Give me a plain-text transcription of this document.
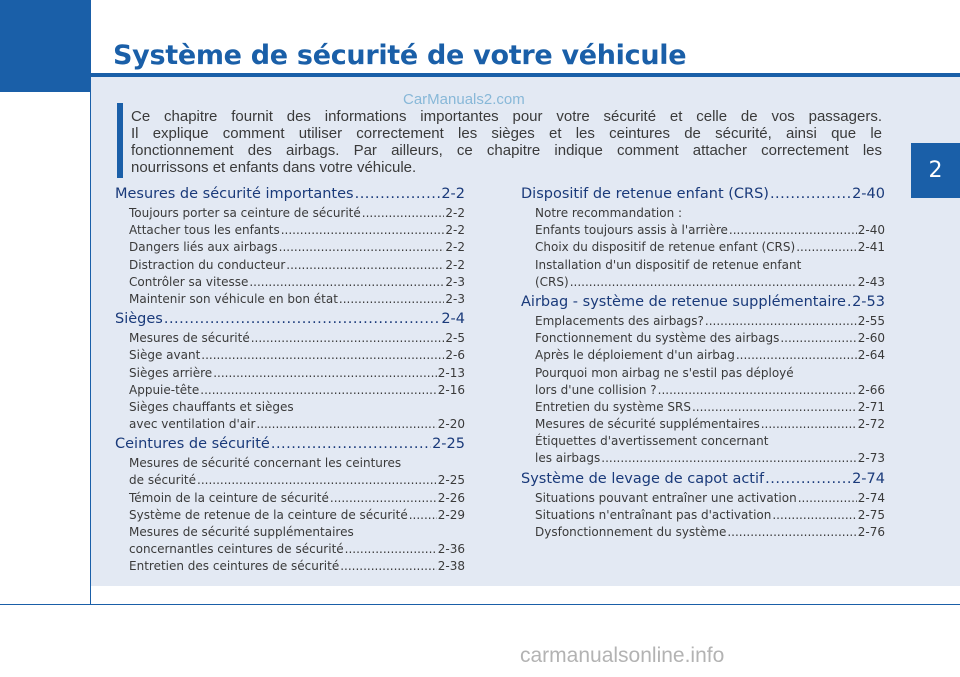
Système de sécurité de votre véhicule
2
CarManuals2.com
Ce chapitre fournit des informations importantes pour votre sécurité et celle de vos passagers.
Il explique comment utiliser correctement les sièges et les ceintures de sécurité, ainsi que le
fonctionnement des airbags. Par ailleurs, ce chapitre indique comment attacher correctement les
nourrissons et enfants dans votre véhicule.
Mesures de sécurité importantes .....	2-2
Toujours porter sa ceinture de sécurité .....	2-2
Attacher tous les enfants .....	2-2
Dangers liés aux airbags .....	2-2
Distraction du conducteur .....	2-2
Contrôler sa vitesse .....	2-3
Maintenir son véhicule en bon état .....	2-3
Sièges .....	2-4
Mesures de sécurité .....	2-5
Siège avant .....	2-6
Sièges arrière .....	2-13
Appuie-tête .....	2-16
Sièges chauffants et sièges
avec ventilation d'air .....	2-20
Ceintures de sécurité .....	2-25
Mesures de sécurité concernant les ceintures
de sécurité .....	2-25
Témoin de la ceinture de sécurité .....	2-26
Système de retenue de la ceinture de sécurité .....	2-29
Mesures de sécurité supplémentaires
concernantles ceintures de sécurité .....	2-36
Entretien des ceintures de sécurité .....	2-38
Dispositif de retenue enfant (CRS) .....	2-40
Notre recommandation :
Enfants toujours assis à l'arrière .....	2-40
Choix du dispositif de retenue enfant (CRS) .....	2-41
Installation d'un dispositif de retenue enfant
(CRS) .....	2-43
Airbag - système de retenue supplémentaire ..... 2-53
Emplacements des airbags? .....	2-55
Fonctionnement du système des airbags .....	2-60
Après le déploiement d'un airbag .....	2-64
Pourquoi mon airbag ne s'estil pas déployé
lors d'une collision ? .....	2-66
Entretien du système SRS .....	2-71
Mesures de sécurité supplémentaires .....	2-72
Étiquettes d'avertissement concernant
les airbags .....	2-73
Système de levage de capot actif .....	2-74
Situations pouvant entraîner une activation .....	2-74
Situations n'entraînant pas d'activation .....	2-75
Dysfonctionnement du système .....	2-76
carmanualsonline.info
